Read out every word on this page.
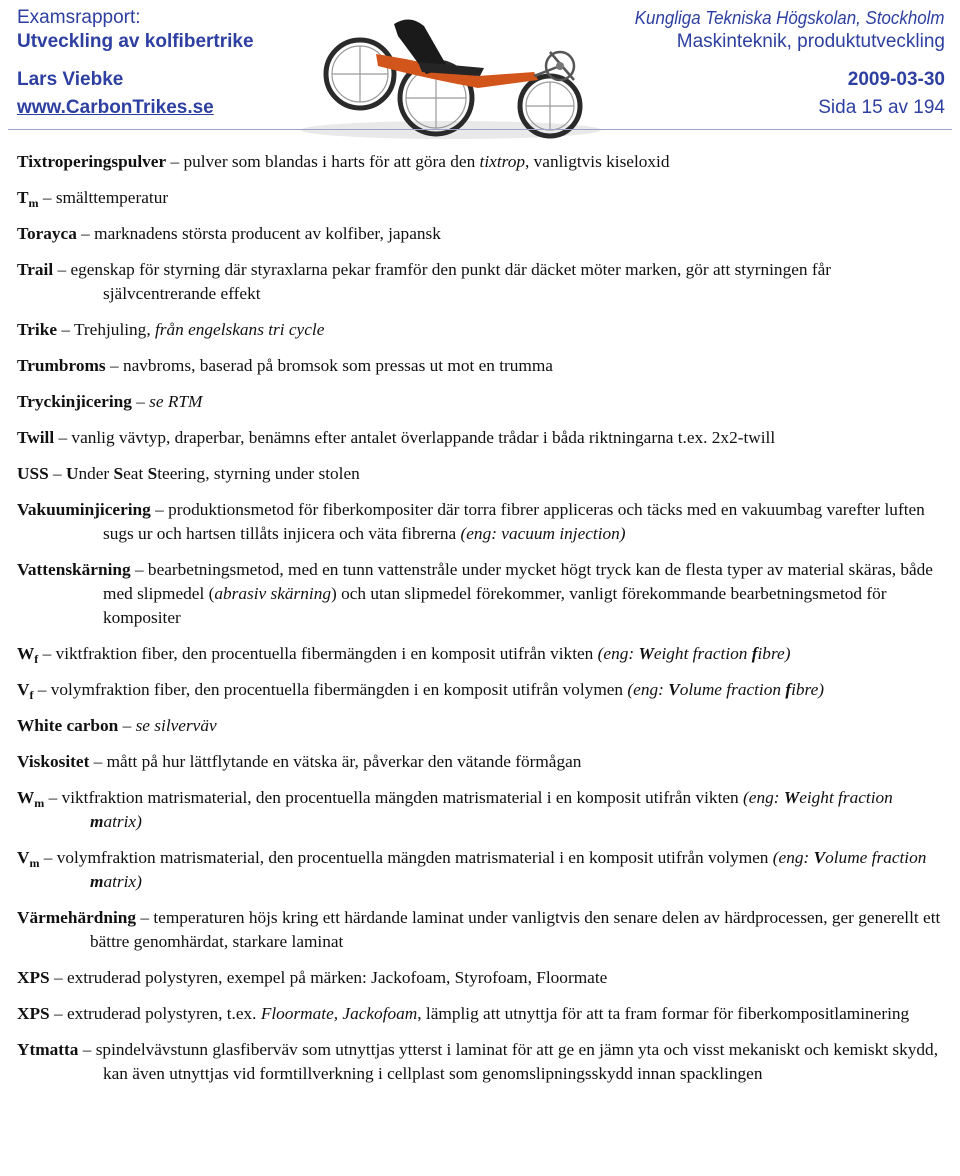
Examsrapport:
Utveckling av kolfibertrike
Lars Viebke
www.CarbonTrikes.se
Kungliga Tekniska Högskolan, Stockholm
Maskinteknik, produktutveckling
2009-03-30
Sida 15 av 194

Tixtroperingspulver – pulver som blandas i harts för att göra den tixtrop, vanligtvis kiseloxid

$T_m$ – smälttemperatur

Torayca – marknadens största producent av kolfiber, japansk

Trail – egenskap för styrning där styraxlarna pekar framför den punkt där däcket möter marken, gör att styrningen får självcentrerande effekt

Trike – Trehjuling, från engelskans tri cycle

Trumbroms – navbroms, baserad på bromsok som pressas ut mot en trumma

Tryckinjicering – se RTM

Twill – vanlig vävtyp, draperbar, benämns efter antalet överlappande trådar i båda riktningarna t.ex. 2x2-twill

USS – Under Seat Steering, styrning under stolen

Vakuuminjicering – produktionsmetod för fiberkompositer där torra fibrer appliceras och täcks med en vakuumbag varefter luften sugs ur och hartsen tillåts injicera och väta fibrerna (eng: vacuum injection)

Vattenskärning – bearbetningsmetod, med en tunn vattenstråle under mycket högt tryck kan de flesta typer av material skäras, både med slipmedel (abrasiv skärning) och utan slipmedel förekommer, vanligt förekommande bearbetningsmetod för kompositer

$W_f$ – viktfraktion fiber, den procentuella fibermängden i en komposit utifrån vikten (eng: Weight fraction fibre)

$V_f$ – volymfraktion fiber, den procentuella fibermängden i en komposit utifrån volymen (eng: Volume fraction fibre)

White carbon – se silverväv

Viskositet – mått på hur lättflytande en vätska är, påverkar den vätande förmågan

$W_m$ – viktfraktion matrismaterial, den procentuella mängden matrismaterial i en komposit utifrån vikten (eng: Weight fraction matrix)

$V_m$ – volymfraktion matrismaterial, den procentuella mängden matrismaterial i en komposit utifrån volymen (eng: Volume fraction matrix)

Värmehärdning – temperaturen höjs kring ett härdande laminat under vanligtvis den senare delen av härdprocessen, ger generellt ett bättre genomhärdat, starkare laminat

XPS – extruderad polystyren, exempel på märken: Jackofoam, Styrofoam, Floormate

XPS – extruderad polystyren, t.ex. Floormate, Jackofoam, lämplig att utnyttja för att ta fram formar för fiberkompositlaminering

Ytmatta – spindelvävstunn glasfiberväv som utnyttjas ytterst i laminat för att ge en jämn yta och visst mekaniskt och kemiskt skydd, kan även utnyttjas vid formtillverkning i cellplast som genomslipningsskydd innan spacklingen
